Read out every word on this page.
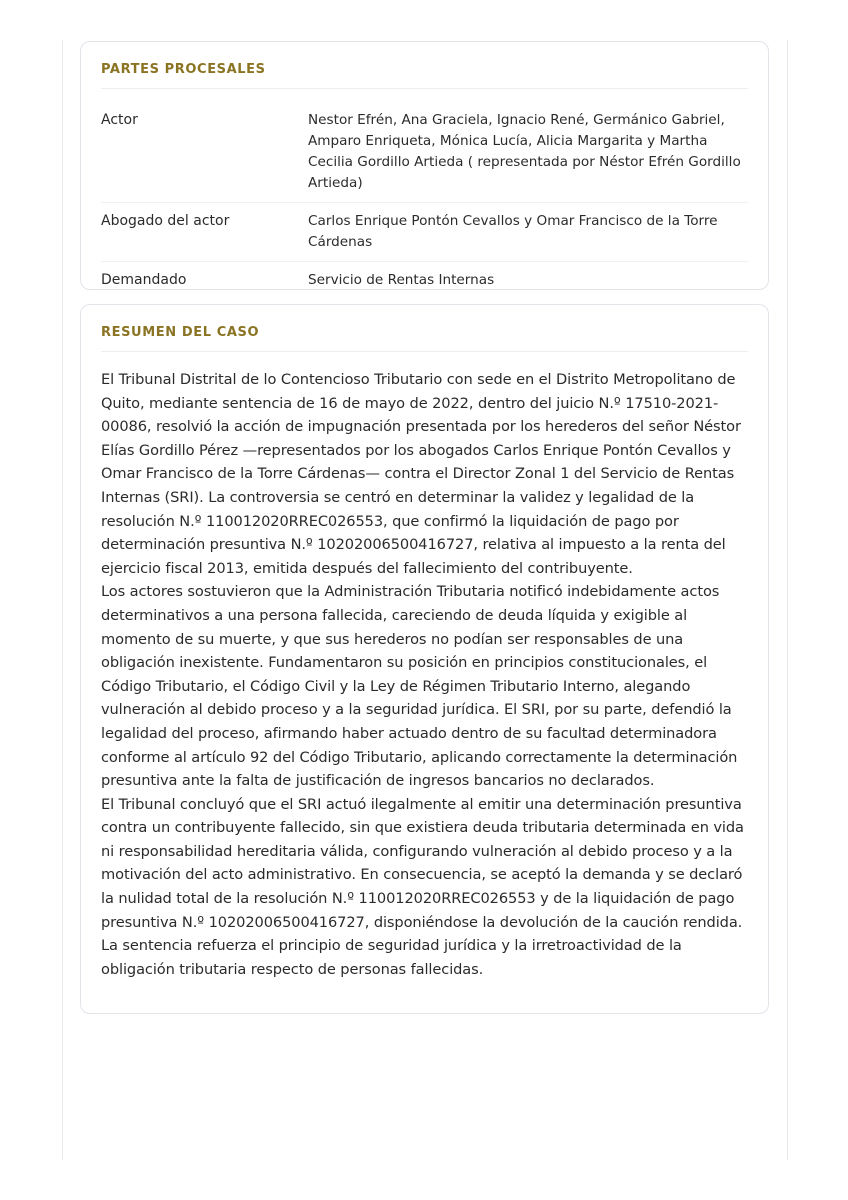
PARTES PROCESALES
Actor	Nestor Efrén, Ana Graciela, Ignacio René, Germánico Gabriel, Amparo Enriqueta, Mónica Lucía, Alicia Margarita y Martha Cecilia Gordillo Artieda ( representada por Néstor Efrén Gordillo Artieda)
Abogado del actor	Carlos Enrique Pontón Cevallos y Omar Francisco de la Torre Cárdenas
Demandado	Servicio de Rentas Internas
RESUMEN DEL CASO

El Tribunal Distrital de lo Contencioso Tributario con sede en el Distrito Metropolitano de Quito, mediante sentencia de 16 de mayo de 2022, dentro del juicio N.º 17510-2021-00086, resolvió la acción de impugnación presentada por los herederos del señor Néstor Elías Gordillo Pérez —representados por los abogados Carlos Enrique Pontón Cevallos y Omar Francisco de la Torre Cárdenas— contra el Director Zonal 1 del Servicio de Rentas Internas (SRI). La controversia se centró en determinar la validez y legalidad de la resolución N.º 110012020RREC026553, que confirmó la liquidación de pago por determinación presuntiva N.º 10202006500416727, relativa al impuesto a la renta del ejercicio fiscal 2013, emitida después del fallecimiento del contribuyente.

Los actores sostuvieron que la Administración Tributaria notificó indebidamente actos determinativos a una persona fallecida, careciendo de deuda líquida y exigible al momento de su muerte, y que sus herederos no podían ser responsables de una obligación inexistente. Fundamentaron su posición en principios constitucionales, el Código Tributario, el Código Civil y la Ley de Régimen Tributario Interno, alegando vulneración al debido proceso y a la seguridad jurídica. El SRI, por su parte, defendió la legalidad del proceso, afirmando haber actuado dentro de su facultad determinadora conforme al artículo 92 del Código Tributario, aplicando correctamente la determinación presuntiva ante la falta de justificación de ingresos bancarios no declarados.

El Tribunal concluyó que el SRI actuó ilegalmente al emitir una determinación presuntiva contra un contribuyente fallecido, sin que existiera deuda tributaria determinada en vida ni responsabilidad hereditaria válida, configurando vulneración al debido proceso y a la motivación del acto administrativo. En consecuencia, se aceptó la demanda y se declaró la nulidad total de la resolución N.º 110012020RREC026553 y de la liquidación de pago presuntiva N.º 10202006500416727, disponiéndose la devolución de la caución rendida. La sentencia refuerza el principio de seguridad jurídica y la irretroactividad de la obligación tributaria respecto de personas fallecidas.
